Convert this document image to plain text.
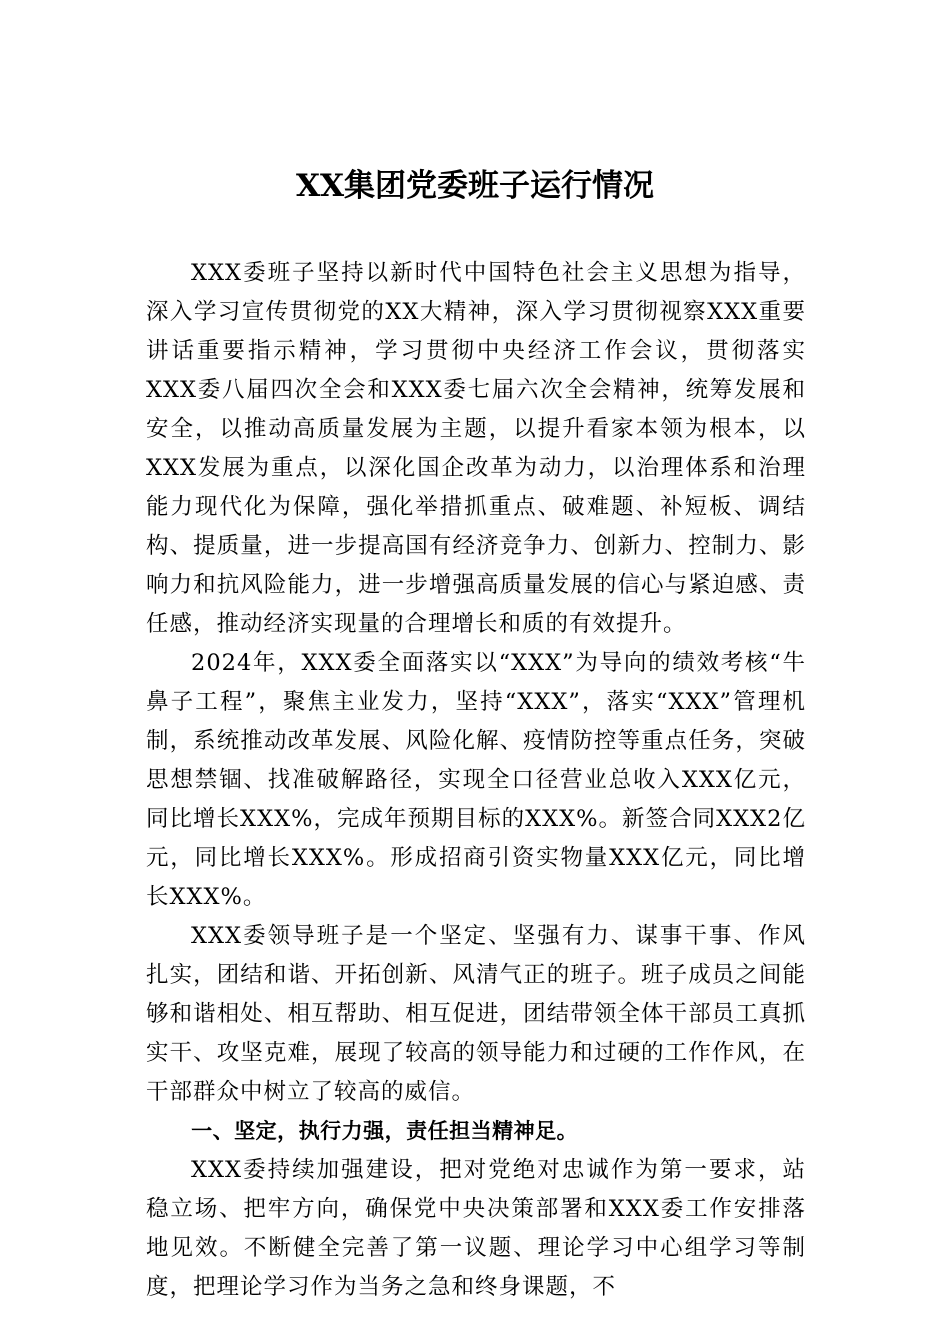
XX集团党委班子运行情况

XXX委班子坚持以新时代中国特色社会主义思想为指导，深入学习宣传贯彻党的XX大精神，深入学习贯彻视察XXX重要讲话重要指示精神，学习贯彻中央经济工作会议，贯彻落实XXX委八届四次全会和XXX委七届六次全会精神，统筹发展和安全，以推动高质量发展为主题，以提升看家本领为根本，以XXX发展为重点，以深化国企改革为动力，以治理体系和治理能力现代化为保障，强化举措抓重点、破难题、补短板、调结构、提质量，进一步提高国有经济竞争力、创新力、控制力、影响力和抗风险能力，进一步增强高质量发展的信心与紧迫感、责任感，推动经济实现量的合理增长和质的有效提升。

2024年，XXX委全面落实以“XXX”为导向的绩效考核“牛鼻子工程”，聚焦主业发力，坚持“XXX”，落实“XXX”管理机制，系统推动改革发展、风险化解、疫情防控等重点任务，突破思想禁锢、找准破解路径，实现全口径营业总收入XXX亿元，同比增长XXX%，完成年预期目标的XXX%。新签合同XXX2亿元，同比增长XXX%。形成招商引资实物量XXX亿元，同比增长XXX%。

XXX委领导班子是一个坚定、坚强有力、谋事干事、作风扎实，团结和谐、开拓创新、风清气正的班子。班子成员之间能够和谐相处、相互帮助、相互促进，团结带领全体干部员工真抓实干、攻坚克难，展现了较高的领导能力和过硬的工作作风，在干部群众中树立了较高的威信。

一、坚定，执行力强，责任担当精神足。

XXX委持续加强建设，把对党绝对忠诚作为第一要求，站稳立场、把牢方向，确保党中央决策部署和XXX委工作安排落地见效。不断健全完善了第一议题、理论学习中心组学习等制度，把理论学习作为当务之急和终身课题，不
